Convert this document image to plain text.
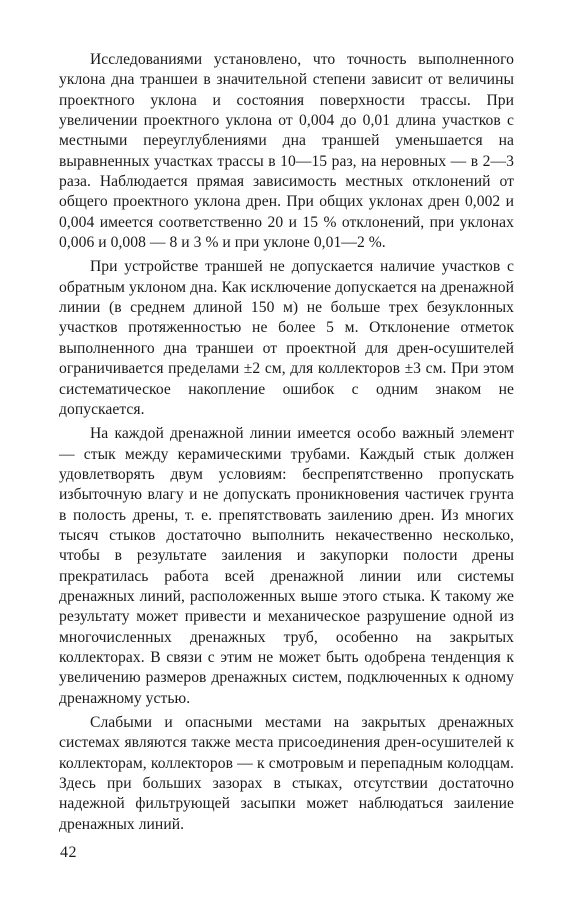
Исследованиями установлено, что точность выполненного уклона дна траншеи в значительной степени зависит от величины проектного уклона и состояния поверхности трассы. При увеличении проектного уклона от 0,004 до 0,01 длина участков с местными переуглублениями дна траншей уменьшается на выравненных участках трассы в 10—15 раз, на неровных — в 2—3 раза. Наблюдается прямая зависимость местных отклонений от общего проектного уклона дрен. При общих уклонах дрен 0,002 и 0,004 имеется соответственно 20 и 15 % отклонений, при уклонах 0,006 и 0,008 — 8 и 3 % и при уклоне 0,01—2 %.

При устройстве траншей не допускается наличие участков с обратным уклоном дна. Как исключение допускается на дренажной линии (в среднем длиной 150 м) не больше трех безуклонных участков протяженностью не более 5 м. Отклонение отметок выполненного дна траншеи от проектной для дрен-осушителей ограничивается пределами ±2 см, для коллекторов ±3 см. При этом систематическое накопление ошибок с одним знаком не допускается.

На каждой дренажной линии имеется особо важный элемент — стык между керамическими трубами. Каждый стык должен удовлетворять двум условиям: беспрепятственно пропускать избыточную влагу и не допускать проникновения частичек грунта в полость дрены, т. е. препятствовать заилению дрен. Из многих тысяч стыков достаточно выполнить некачественно несколько, чтобы в результате заиления и закупорки полости дрены прекратилась работа всей дренажной линии или системы дренажных линий, расположенных выше этого стыка. К такому же результату может привести и механическое разрушение одной из многочисленных дренажных труб, особенно на закрытых коллекторах. В связи с этим не может быть одобрена тенденция к увеличению размеров дренажных систем, подключенных к одному дренажному устью.

Слабыми и опасными местами на закрытых дренажных системах являются также места присоединения дрен-осушителей к коллекторам, коллекторов — к смотровым и перепадным колодцам. Здесь при больших зазорах в стыках, отсутствии достаточно надежной фильтрующей засыпки может наблюдаться заиление дренажных линий.

42
